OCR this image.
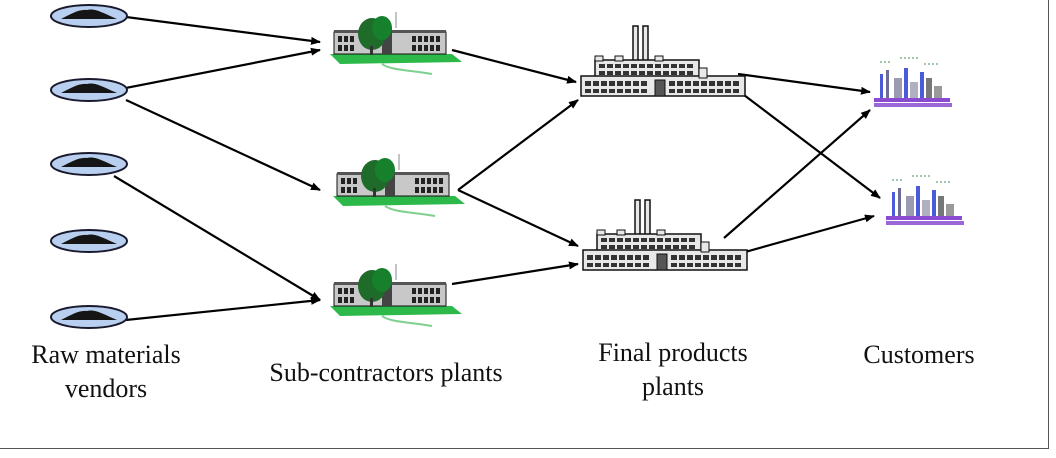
Raw materials
vendors
Sub-contractors plants
Final products
plants
Customers
